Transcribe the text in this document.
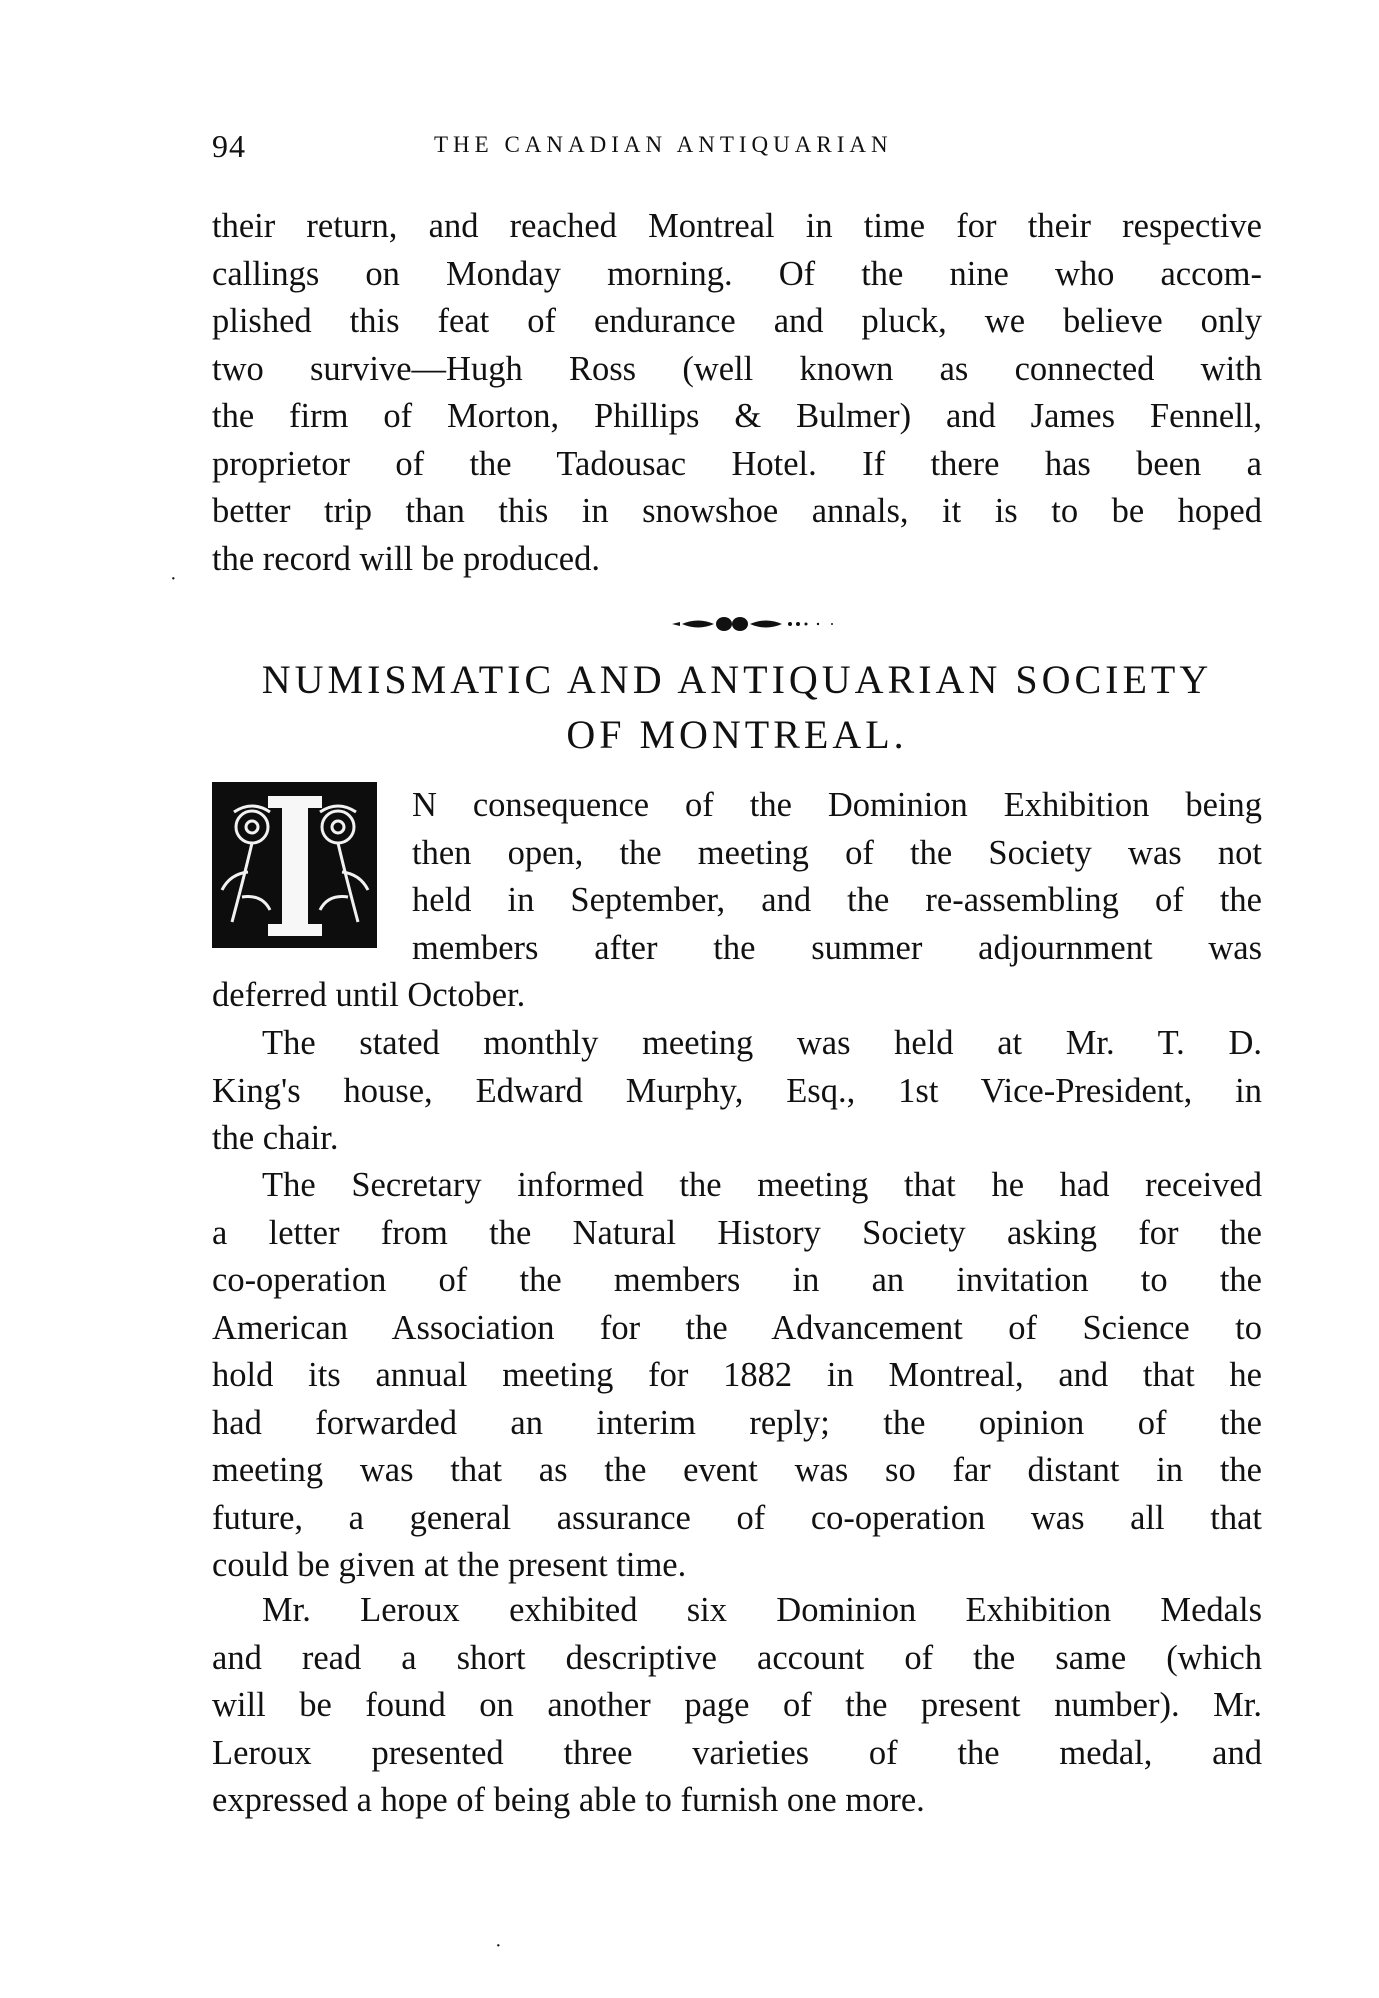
94	THE CANADIAN ANTIQUARIAN
their return, and reached Montreal in time for their respective
callings on Monday morning. Of the nine who accom-
plished this feat of endurance and pluck, we believe only
two survive—Hugh Ross (well known as connected with
the firm of Morton, Phillips & Bulmer) and James Fennell,
proprietor of the Tadousac Hotel. If there has been a
better trip than this in snowshoe annals, it is to be hoped
the record will be produced.
·
NUMISMATIC AND ANTIQUARIAN SOCIETY
OF MONTREAL.
I
N consequence of the Dominion Exhibition being
then open, the meeting of the Society was not
held in September, and the re-assembling of the
members after the summer adjournment was
deferred until October.
The stated monthly meeting was held at Mr. T. D.
King's house, Edward Murphy, Esq., 1st Vice-President, in
the chair.
The Secretary informed the meeting that he had received
a letter from the Natural History Society asking for the
co-operation of the members in an invitation to the
American Association for the Advancement of Science to
hold its annual meeting for 1882 in Montreal, and that he
had forwarded an interim reply; the opinion of the
meeting was that as the event was so far distant in the
future, a general assurance of co-operation was all that
could be given at the present time.
Mr. Leroux exhibited six Dominion Exhibition Medals
and read a short descriptive account of the same (which
will be found on another page of the present number). Mr.
Leroux presented three varieties of the medal, and
expressed a hope of being able to furnish one more.
·
